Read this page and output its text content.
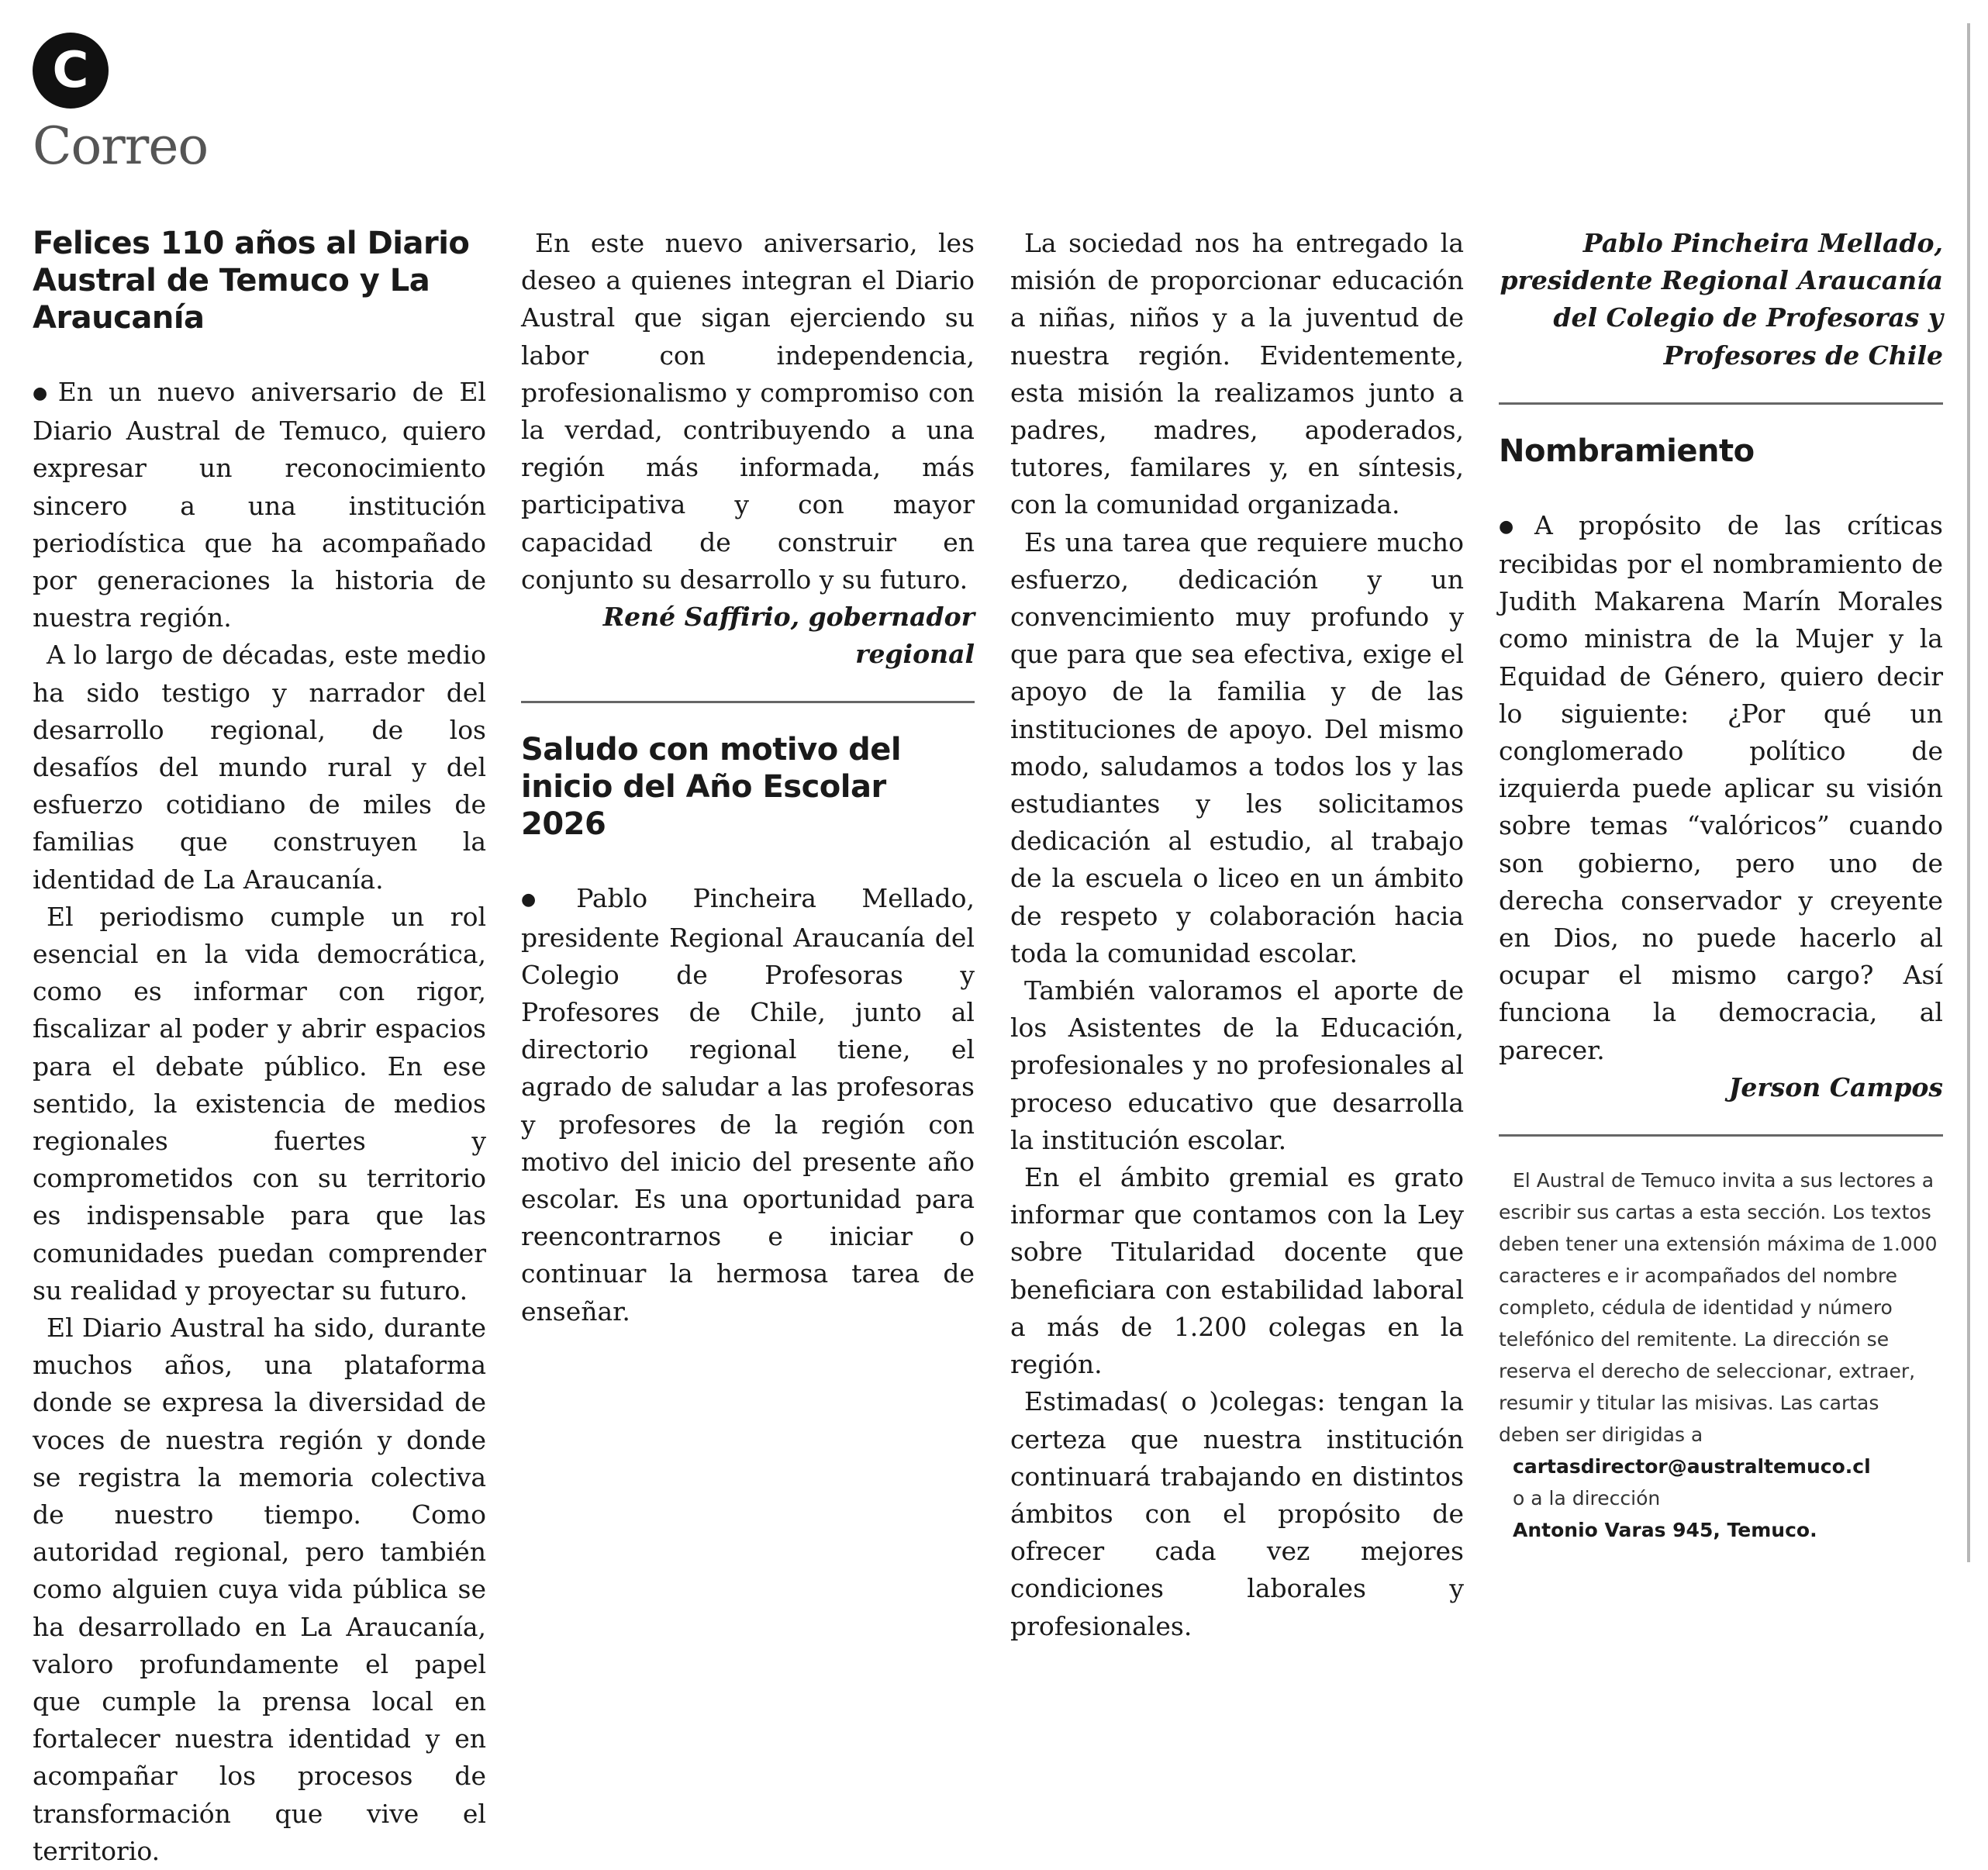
C
Correo
Felices 110 años al Diario Austral de Temuco y La Araucanía

● En un nuevo aniversario de El Diario Austral de Temuco, quiero expresar un reconocimiento sincero a una institución periodística que ha acompañado por generaciones la historia de nuestra región.

A lo largo de décadas, este medio ha sido testigo y narrador del desarrollo regional, de los desafíos del mundo rural y del esfuerzo cotidiano de miles de familias que construyen la identidad de La Araucanía.

El periodismo cumple un rol esencial en la vida democrática, como es informar con rigor, fiscalizar al poder y abrir espacios para el debate público. En ese sentido, la existencia de medios regionales fuertes y comprometidos con su territorio es indispensable para que las comunidades puedan comprender su realidad y proyectar su futuro.

El Diario Austral ha sido, durante muchos años, una plataforma donde se expresa la diversidad de voces de nuestra región y donde se registra la memoria colectiva de nuestro tiempo. Como autoridad regional, pero también como alguien cuya vida pública se ha desarrollado en La Araucanía, valoro profundamente el papel que cumple la prensa local en fortalecer nuestra identidad y en acompañar los procesos de transformación que vive el territorio.

En este nuevo aniversario, les deseo a quienes integran el Diario Austral que sigan ejerciendo su labor con independencia, profesionalismo y compromiso con la verdad, contribuyendo a una región más informada, más participativa y con mayor capacidad de construir en conjunto su desarrollo y su futuro.

René Saffirio, gobernador
regional

Saludo con motivo del inicio del Año Escolar 2026

● Pablo Pincheira Mellado, presidente Regional Araucanía del Colegio de Profesoras y Profesores de Chile, junto al directorio regional tiene, el agrado de saludar a las profesoras y profesores de la región con motivo del inicio del presente año escolar. Es una oportunidad para reencontrarnos e iniciar o continuar la hermosa tarea de enseñar.

La sociedad nos ha entregado la misión de proporcionar educación a niñas, niños y a la juventud de nuestra región. Evidentemente, esta misión la realizamos junto a padres, madres, apoderados, tutores, familares y, en síntesis, con la comunidad organizada.

Es una tarea que requiere mucho esfuerzo, dedicación y un convencimiento muy profundo y que para que sea efectiva, exige el apoyo de la familia y de las instituciones de apoyo. Del mismo modo, saludamos a todos los y las estudiantes y les solicitamos dedicación al estudio, al trabajo de la escuela o liceo en un ámbito de respeto y colaboración hacia toda la comunidad escolar.

También valoramos el aporte de los Asistentes de la Educación, profesionales y no profesionales al proceso educativo que desarrolla la institución escolar.

En el ámbito gremial es grato informar que contamos con la Ley sobre Titularidad docente que beneficiara con estabilidad laboral a más de 1.200 colegas en la región.

Estimadas( o )colegas: tengan la certeza que nuestra institución continuará trabajando en distintos ámbitos con el propósito de ofrecer cada vez mejores condiciones laborales y profesionales.

Pablo Pincheira Mellado,
presidente Regional Araucanía
del Colegio de Profesoras y
Profesores de Chile

Nombramiento

● A propósito de las críticas recibidas por el nombramiento de Judith Makarena Marín Morales como ministra de la Mujer y la Equidad de Género, quiero decir lo siguiente: ¿Por qué un conglomerado político de izquierda puede aplicar su visión sobre temas “valóricos” cuando son gobierno, pero uno de derecha conservador y creyente en Dios, no puede hacerlo al ocupar el mismo cargo? Así funciona la democracia, al parecer.

Jerson Campos

El Austral de Temuco invita a sus lectores a escribir sus cartas a esta sección. Los textos deben tener una extensión máxima de 1.000 caracteres e ir acompañados del nombre completo, cédula de identidad y número telefónico del remitente. La dirección se reserva el derecho de seleccionar, extraer, resumir y titular las misivas. Las cartas deben ser dirigidas a

cartasdirector@australtemuco.cl

o a la dirección

Antonio Varas 945, Temuco.
